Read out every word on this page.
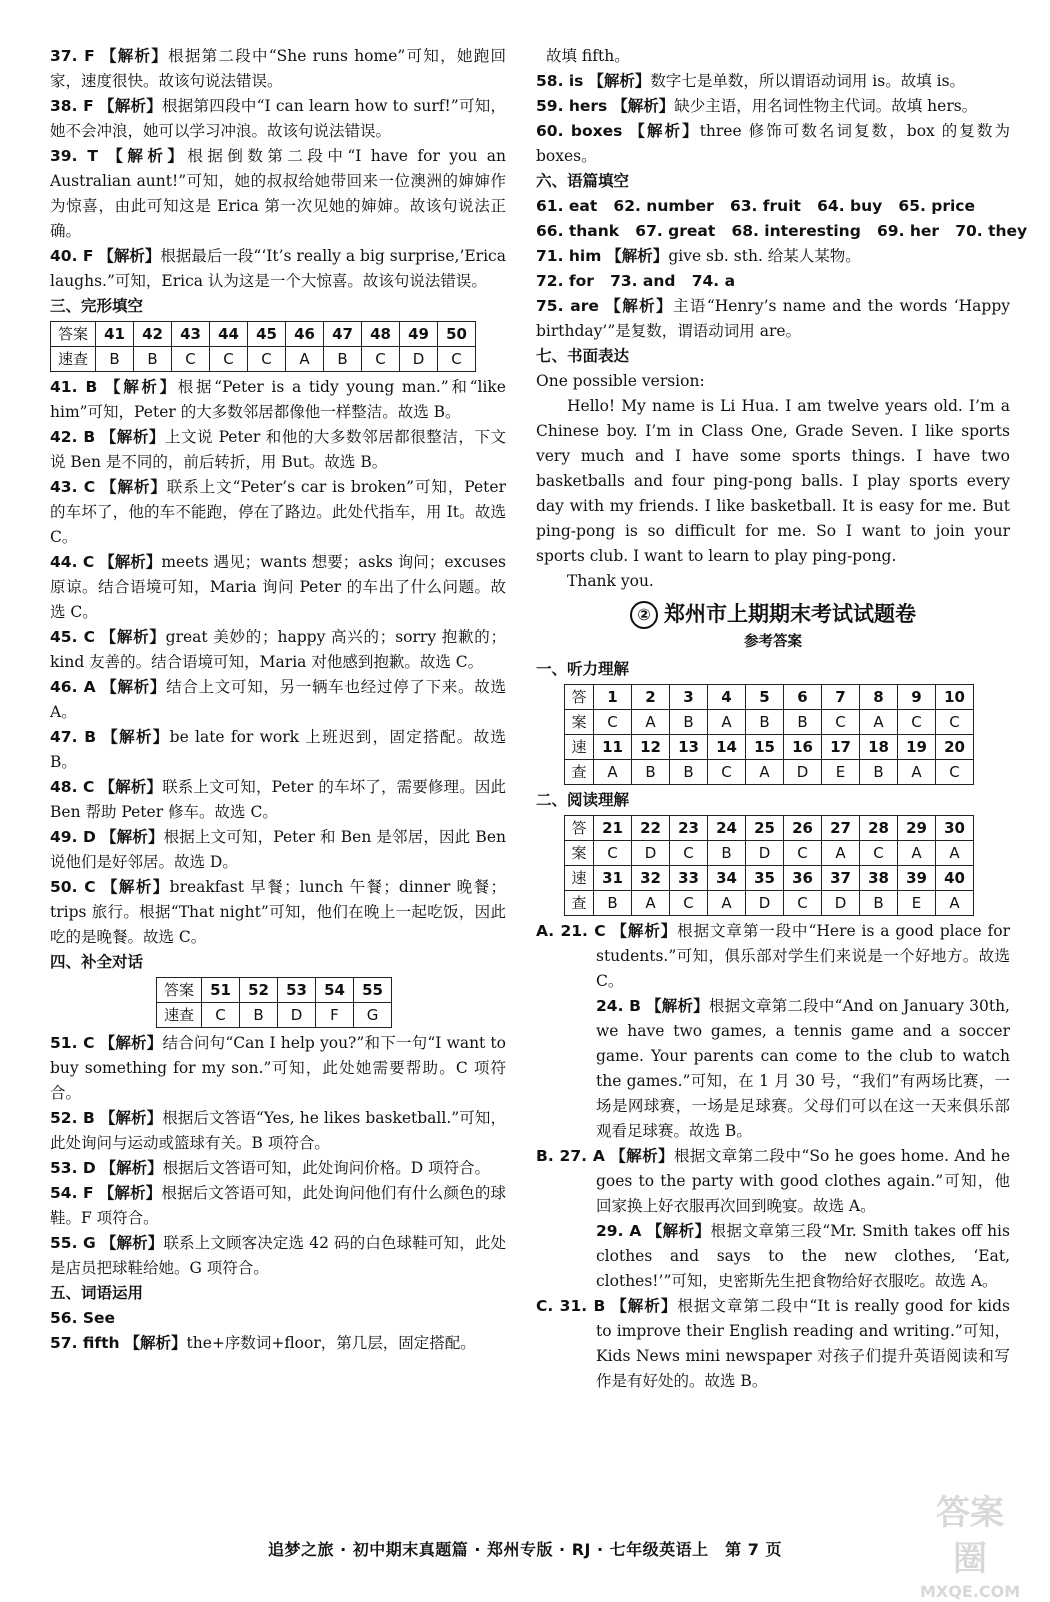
37. F 【解析】根据第二段中“She runs home”可知，她跑回家，速度很快。故该句说法错误。

38. F 【解析】根据第四段中“I can learn how to surf!”可知，她不会冲浪，她可以学习冲浪。故该句说法错误。

39. T 【解析】根据倒数第二段中“I have for you an Australian aunt!”可知，她的叔叔给她带回来一位澳洲的婶婶作为惊喜，由此可知这是 Erica 第一次见她的婶婶。故该句说法正确。

40. F 【解析】根据最后一段“‘It’s really a big surprise,’Erica laughs.”可知，Erica 认为这是一个大惊喜。故该句说法错误。

三、完形填空

答案	41	42	43	44	45	46	47	48	49	50
速查	B	B	C	C	C	A	B	C	D	C

41. B 【解析】根据“Peter is a tidy young man.”和“like him”可知，Peter 的大多数邻居都像他一样整洁。故选 B。

42. B 【解析】上文说 Peter 和他的大多数邻居都很整洁，下文说 Ben 是不同的，前后转折，用 But。故选 B。

43. C 【解析】联系上文“Peter’s car is broken”可知，Peter 的车坏了，他的车不能跑，停在了路边。此处代指车，用 It。故选 C。

44. C 【解析】meets 遇见；wants 想要；asks 询问；excuses 原谅。结合语境可知，Maria 询问 Peter 的车出了什么问题。故选 C。

45. C 【解析】great 美妙的；happy 高兴的；sorry 抱歉的；kind 友善的。结合语境可知，Maria 对他感到抱歉。故选 C。

46. A 【解析】结合上文可知，另一辆车也经过停了下来。故选 A。

47. B 【解析】be late for work 上班迟到，固定搭配。故选 B。

48. C 【解析】联系上文可知，Peter 的车坏了，需要修理。因此 Ben 帮助 Peter 修车。故选 C。

49. D 【解析】根据上文可知，Peter 和 Ben 是邻居，因此 Ben 说他们是好邻居。故选 D。

50. C 【解析】breakfast 早餐；lunch 午餐；dinner 晚餐；trips 旅行。根据“That night”可知，他们在晚上一起吃饭，因此吃的是晚餐。故选 C。

四、补全对话

答案	51	52	53	54	55
速查	C	B	D	F	G

51. C 【解析】结合问句“Can I help you?”和下一句“I want to buy something for my son.”可知，此处她需要帮助。C 项符合。

52. B 【解析】根据后文答语“Yes, he likes basketball.”可知，此处询问与运动或篮球有关。B 项符合。

53. D 【解析】根据后文答语可知，此处询问价格。D 项符合。

54. F 【解析】根据后文答语可知，此处询问他们有什么颜色的球鞋。F 项符合。

55. G 【解析】联系上文顾客决定选 42 码的白色球鞋可知，此处是店员把球鞋给她。G 项符合。

五、词语运用

56. See

57. fifth 【解析】the+序数词+floor，第几层，固定搭配。

故填 fifth。

58. is 【解析】数字七是单数，所以谓语动词用 is。故填 is。

59. hers 【解析】缺少主语，用名词性物主代词。故填 hers。

60. boxes 【解析】three 修饰可数名词复数，box 的复数为 boxes。

六、语篇填空

61. eat   62. number   63. fruit   64. buy   65. price

66. thank   67. great   68. interesting   69. her   70. they

71. him 【解析】give sb. sth. 给某人某物。

72. for   73. and   74. a

75. are 【解析】主语“Henry’s name and the words ‘Happy birthday’”是复数，谓语动词用 are。

七、书面表达

One possible version:

Hello! My name is Li Hua. I am twelve years old. I’m a Chinese boy. I’m in Class One, Grade Seven. I like sports very much and I have some sports things. I have two basketballs and four ping-pong balls. I play sports every day with my friends. I like basketball. It is easy for me. But ping-pong is so difficult for me. So I want to join your sports club. I want to learn to play ping-pong.

Thank you.

② 郑州市上期期末考试试题卷

参考答案

一、听力理解

答	1	2	3	4	5	6	7	8	9	10
案	C	A	B	A	B	B	C	A	C	C
速	11	12	13	14	15	16	17	18	19	20
查	A	B	B	C	A	D	E	B	A	C

二、阅读理解

答	21	22	23	24	25	26	27	28	29	30
案	C	D	C	B	D	C	A	C	A	A
速	31	32	33	34	35	36	37	38	39	40
查	B	A	C	A	D	C	D	B	E	A

A. 21. C 【解析】根据文章第一段中“Here is a good place for students.”可知，俱乐部对学生们来说是一个好地方。故选 C。

24. B 【解析】根据文章第二段中“And on January 30th, we have two games, a tennis game and a soccer game. Your parents can come to the club to watch the games.”可知，在 1 月 30 号，“我们”有两场比赛，一场是网球赛，一场是足球赛。父母们可以在这一天来俱乐部观看足球赛。故选 B。

B. 27. A 【解析】根据文章第二段中“So he goes home. And he goes to the party with good clothes again.”可知，他回家换上好衣服再次回到晚宴。故选 A。

29. A 【解析】根据文章第三段“Mr. Smith takes off his clothes and says to the new clothes, ‘Eat, clothes!’”可知，史密斯先生把食物给好衣服吃。故选 A。

C. 31. B 【解析】根据文章第二段中“It is really good for kids to improve their English reading and writing.”可知，Kids News mini newspaper 对孩子们提升英语阅读和写作是有好处的。故选 B。

追梦之旅 · 初中期末真题篇 · 郑州专版 · RJ · 七年级英语上　第 7 页
答案圈
MXQE.COM
